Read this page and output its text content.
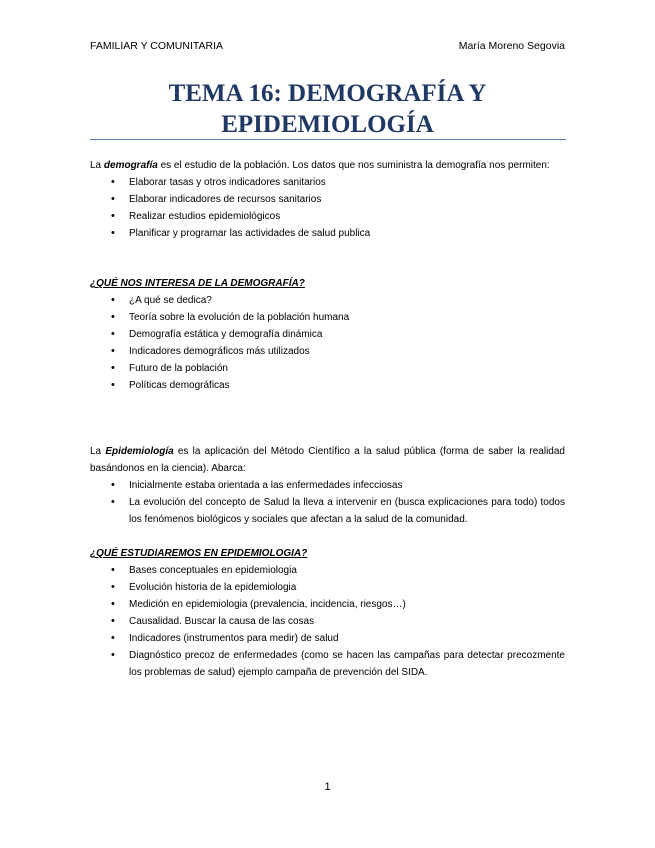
FAMILIAR Y COMUNITARIA	María Moreno Segovia
TEMA 16: DEMOGRAFÍA Y
EPIDEMIOLOGÍA

La demografía es el estudio de la población. Los datos que nos suministra la demografía nos permiten:

• Elaborar tasas y otros indicadores sanitarios
• Elaborar indicadores de recursos sanitarios
• Realizar estudios epidemiológicos
• Planificar y programar las actividades de salud publica

¿QUÉ NOS INTERESA DE LA DEMOGRAFÍA?

• ¿A qué se dedica?
• Teoría sobre la evolución de la población humana
• Demografía estática y demografía dinámica
• Indicadores demográficos más utilizados
• Futuro de la población
• Políticas demográficas

La Epidemiología es la aplicación del Método Científico a la salud pública (forma de saber la realidad basándonos en la ciencia). Abarca:

• Inicialmente estaba orientada a las enfermedades infecciosas
• La evolución del concepto de Salud la lleva a intervenir en (busca explicaciones para todo) todos los fenómenos biológicos y sociales que afectan a la salud de la comunidad.

¿QUÉ ESTUDIAREMOS EN EPIDEMIOLOGIA?

• Bases conceptuales en epidemiologia
• Evolución historia de la epidemiologia
• Medición en epidemiologia (prevalencia, incidencia, riesgos…)
• Causalidad. Buscar la causa de las cosas
• Indicadores (instrumentos para medir) de salud
• Diagnóstico precoz de enfermedades (como se hacen las campañas para detectar precozmente los problemas de salud) ejemplo campaña de prevención del SIDA.
1
